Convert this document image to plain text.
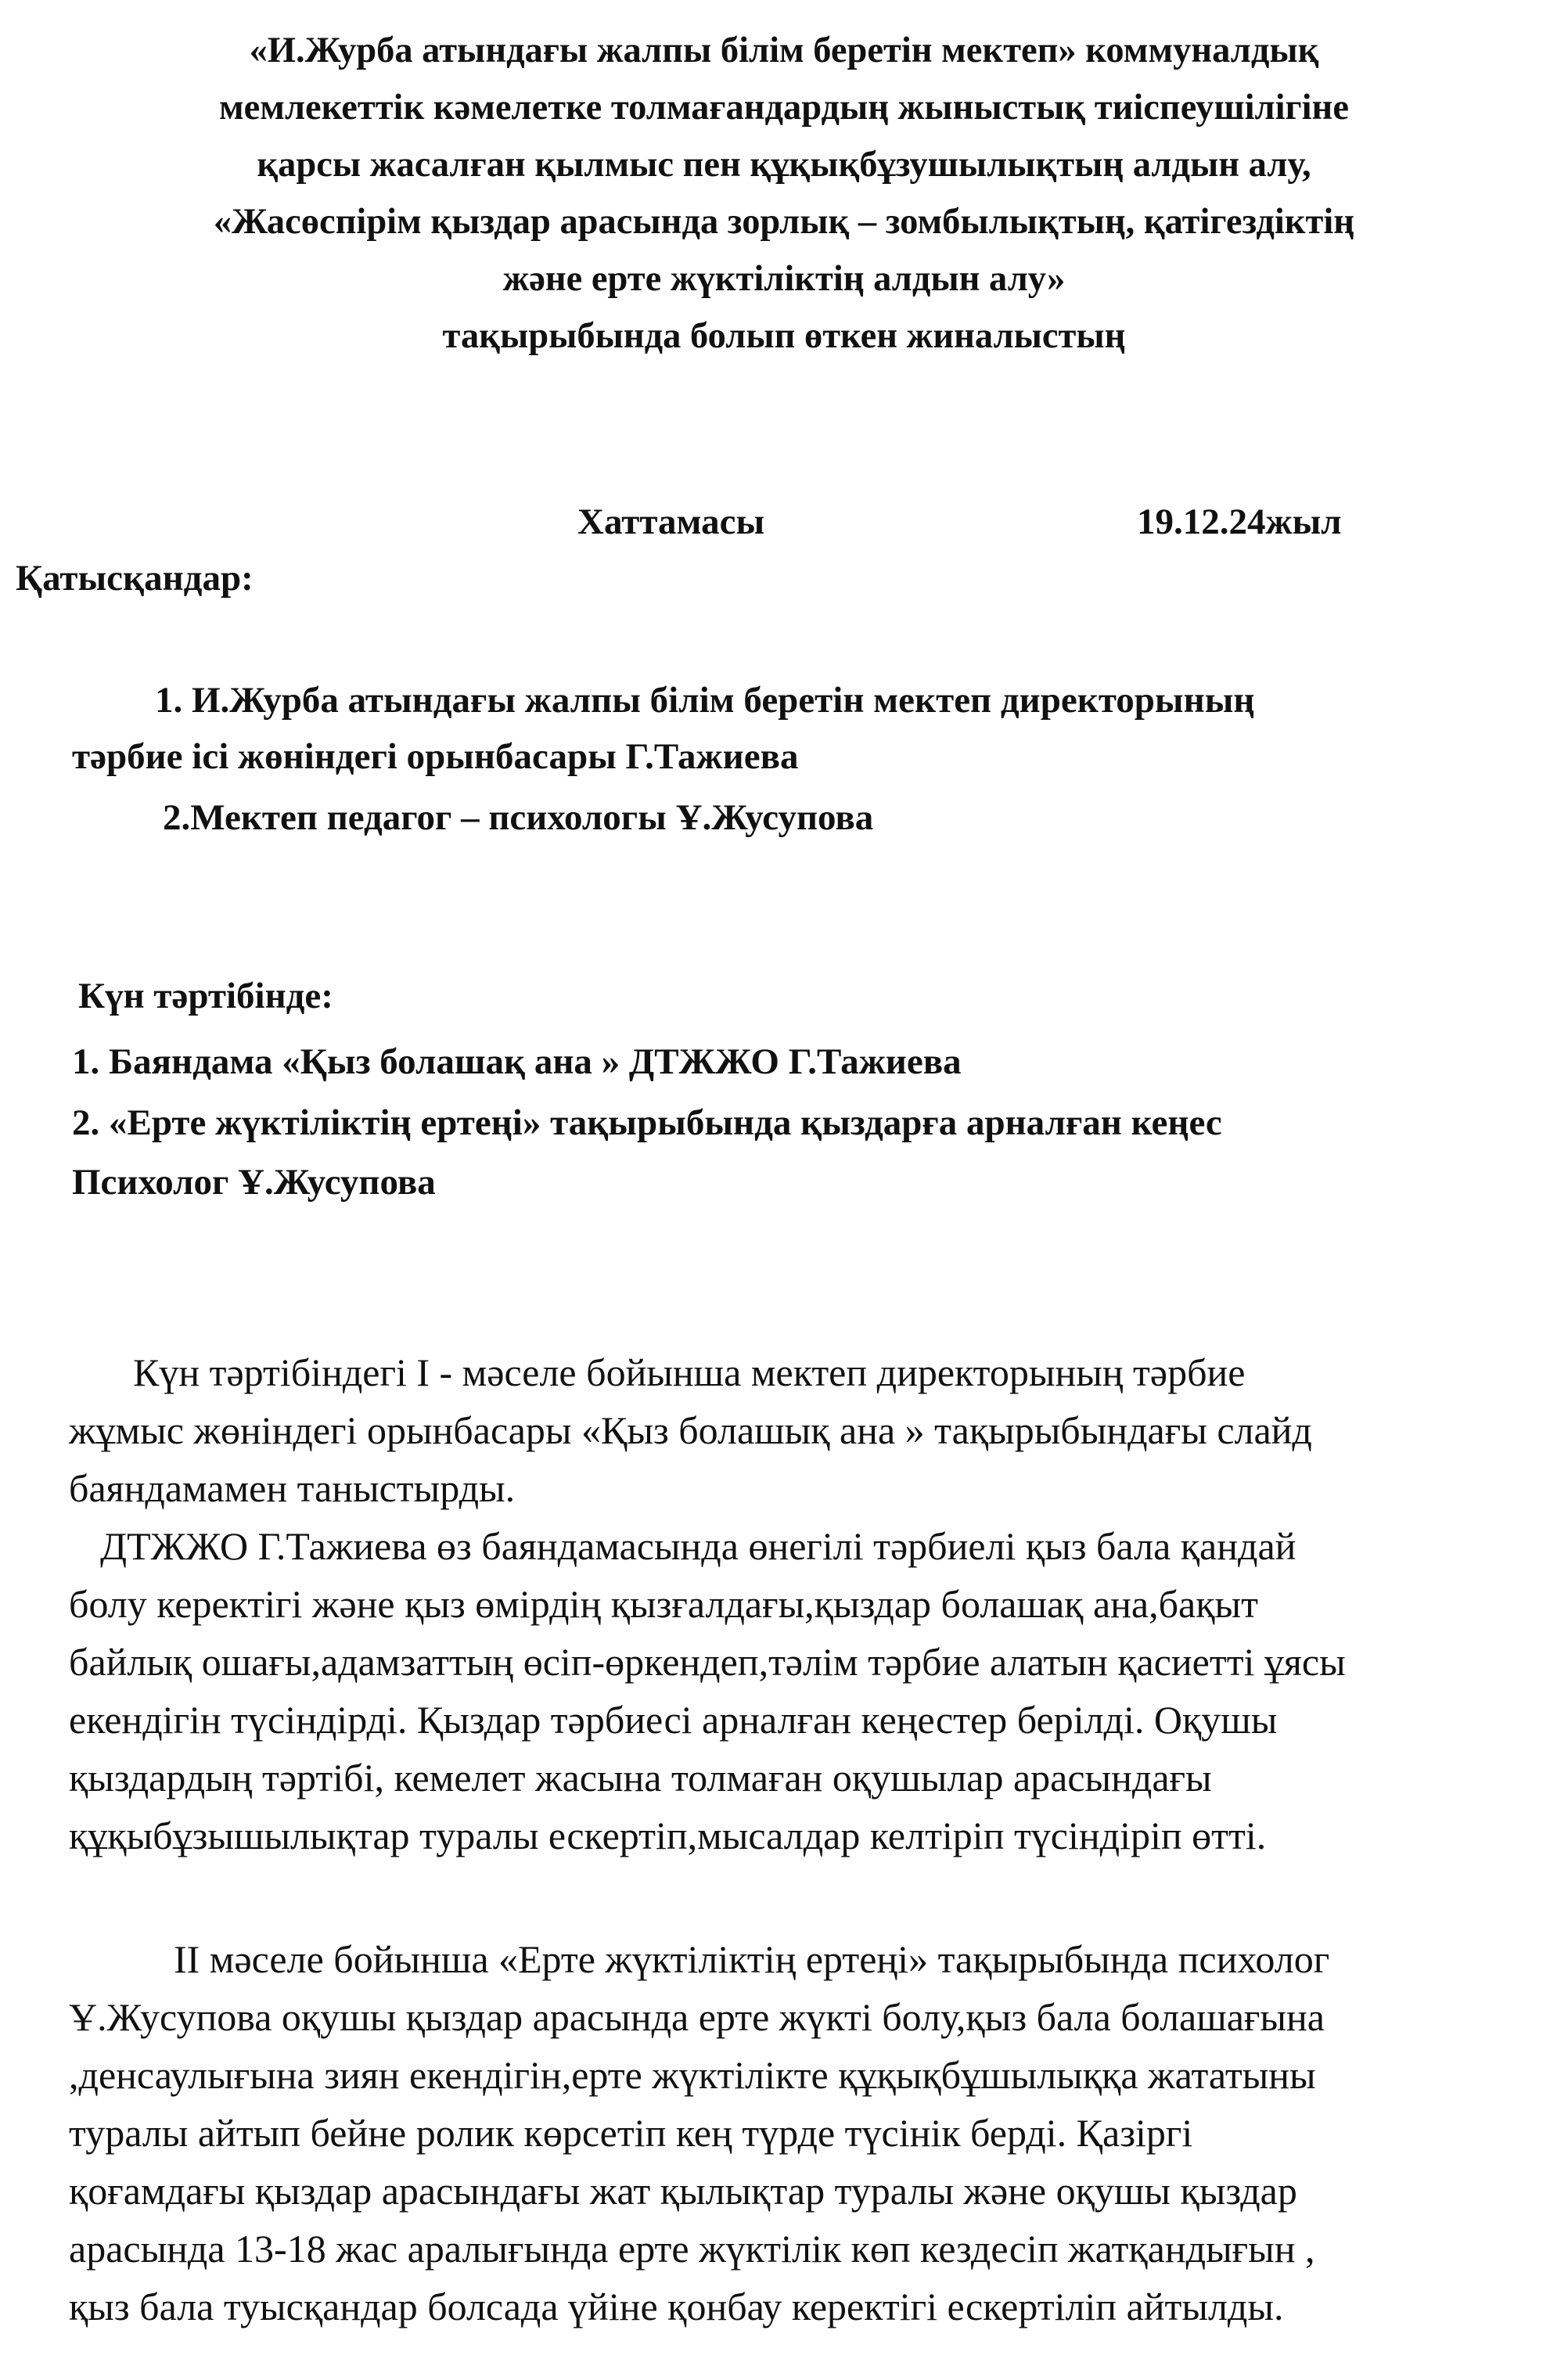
«И.Журба атындағы жалпы білім беретін мектеп» коммуналдық
мемлекеттік кәмелетке толмағандардың жыныстық тиіспеушілігіне
қарсы жасалған қылмыс пен құқықбұзушылықтың алдын алу,
«Жасөспірім қыздар арасында зорлық – зомбылықтың, қатігездіктің
және ерте жүктіліктің алдын алу»
тақырыбында болып өткен жиналыстың
Хаттамасы	19.12.24жыл
Қатысқандар:
1. И.Журба атындағы жалпы білім беретін мектеп директорының
тәрбие ісі жөніндегі орынбасары Г.Тажиева
2.Мектеп педагог – психологы Ұ.Жусупова
Күн тәртібінде:
1. Баяндама «Қыз болашақ ана » ДТЖЖО Г.Тажиева
2. «Ерте жүктіліктің ертеңі» тақырыбында қыздарға арналған кеңес
Психолог Ұ.Жусупова
Күн тәртібіндегі І - мәселе бойынша мектеп директорының тәрбие
жұмыс жөніндегі орынбасары «Қыз болашық ана » тақырыбындағы слайд
баяндамамен таныстырды.
ДТЖЖО Г.Тажиева өз баяндамасында өнегілі тәрбиелі қыз бала қандай
болу керектігі және қыз өмірдің қызғалдағы,қыздар болашақ ана,бақыт
байлық ошағы,адамзаттың өсіп-өркендеп,тәлім тәрбие алатын қасиетті ұясы
екендігін түсіндірді. Қыздар тәрбиесі арналған кеңестер берілді. Оқушы
қыздардың тәртібі, кемелет жасына толмаған оқушылар арасындағы
құқыбұзышылықтар туралы ескертіп,мысалдар келтіріп түсіндіріп өтті.
ІІ мәселе бойынша «Ерте жүктіліктің ертеңі» тақырыбында психолог
Ұ.Жусупова оқушы қыздар арасында ерте жүкті болу,қыз бала болашағына
,денсаулығына зиян екендігін,ерте жүктілікте құқықбұшылыққа жататыны
туралы айтып бейне ролик көрсетіп кең түрде түсінік берді. Қазіргі
қоғамдағы қыздар арасындағы жат қылықтар туралы және оқушы қыздар
арасында 13-18 жас аралығында ерте жүктілік көп кездесіп жатқандығын ,
қыз бала туысқандар болсада үйіне қонбау керектігі ескертіліп айтылды.
